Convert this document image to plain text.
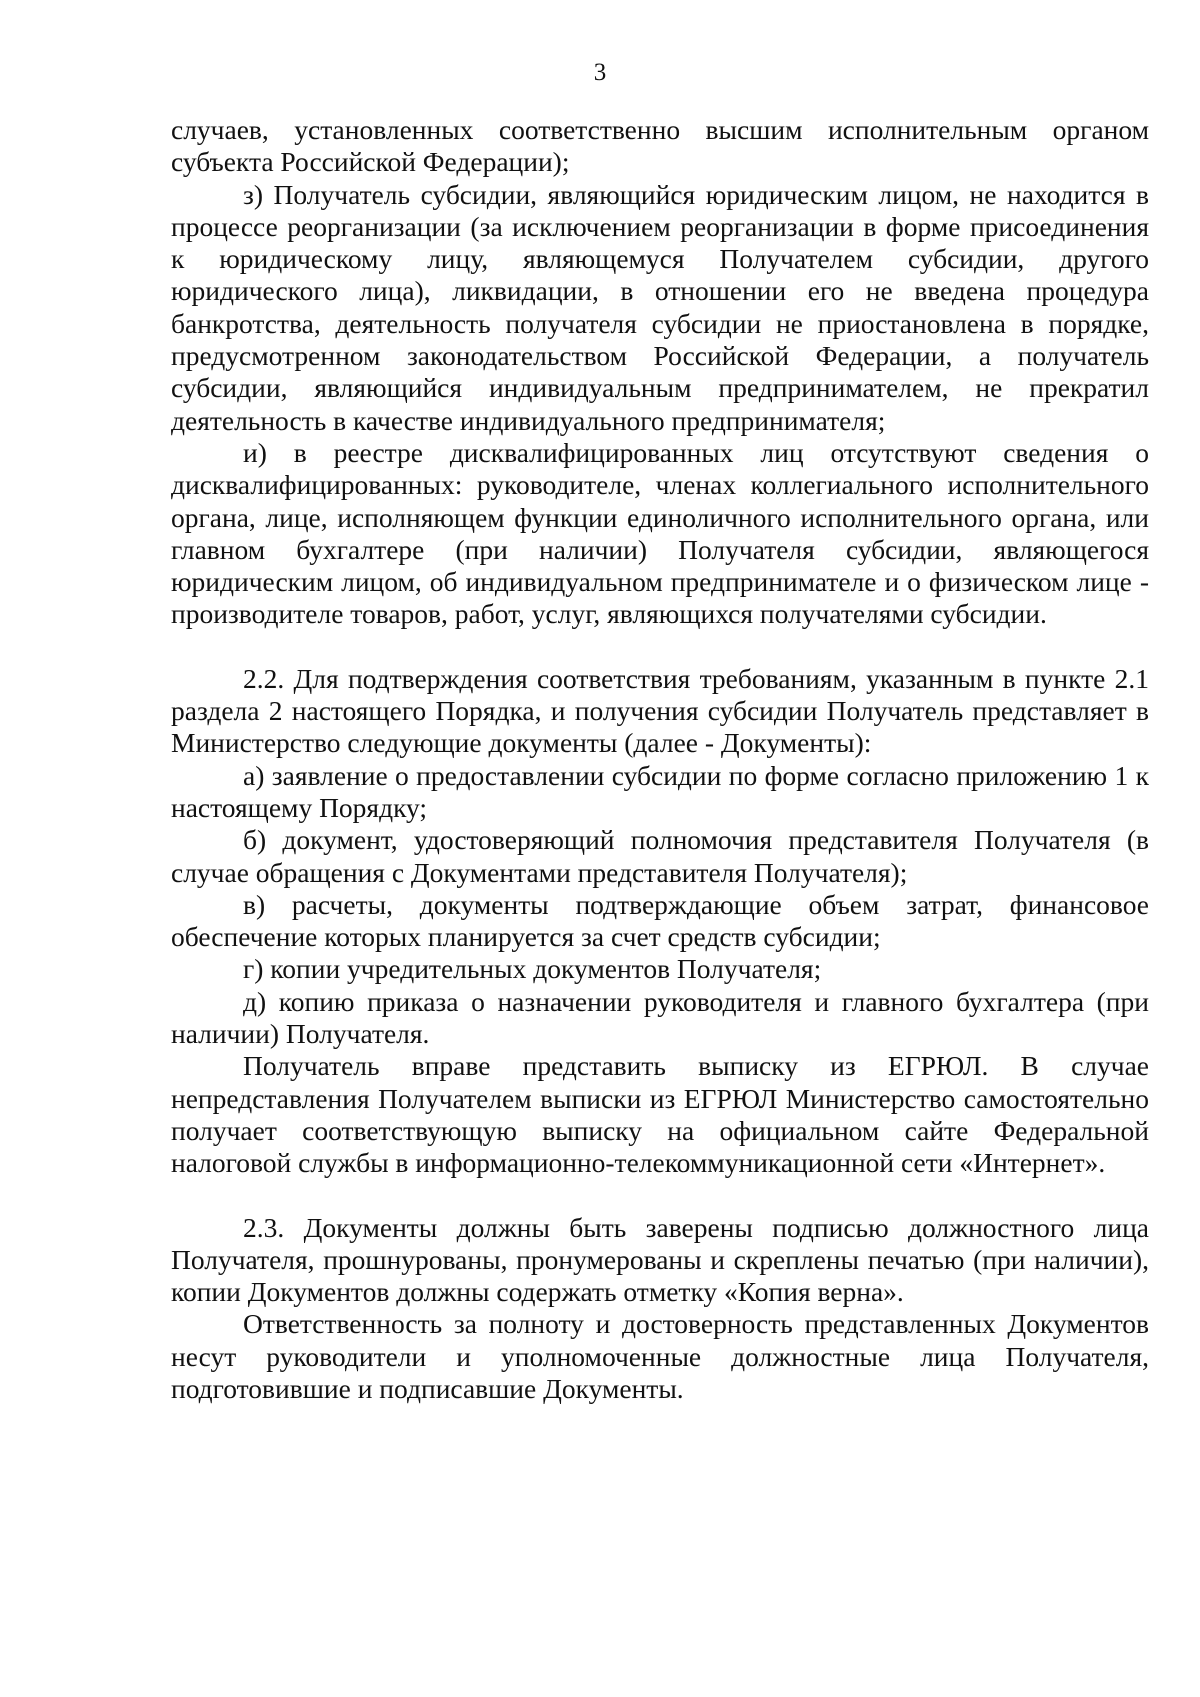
3

случаев, установленных соответственно высшим исполнительным органом субъекта Российской Федерации);

з) Получатель субсидии, являющийся юридическим лицом, не находится в процессе реорганизации (за исключением реорганизации в форме присоединения к юридическому лицу, являющемуся Получателем субсидии, другого юридического лица), ликвидации, в отношении его не введена процедура банкротства, деятельность получателя субсидии не приостановлена в порядке, предусмотренном законодательством Российской Федерации, а получатель субсидии, являющийся индивидуальным предпринимателем, не прекратил деятельность в качестве индивидуального предпринимателя;

и) в реестре дисквалифицированных лиц отсутствуют сведения о дисквалифицированных: руководителе, членах коллегиального исполнительного органа, лице, исполняющем функции единоличного исполнительного органа, или главном бухгалтере (при наличии) Получателя субсидии, являющегося юридическим лицом, об индивидуальном предпринимателе и о физическом лице - производителе товаров, работ, услуг, являющихся получателями субсидии.

2.2. Для подтверждения соответствия требованиям, указанным в пункте 2.1 раздела 2 настоящего Порядка, и получения субсидии Получатель представляет в Министерство следующие документы (далее - Документы):

а) заявление о предоставлении субсидии по форме согласно приложению 1 к настоящему Порядку;

б) документ, удостоверяющий полномочия представителя Получателя (в случае обращения с Документами представителя Получателя);

в) расчеты, документы подтверждающие объем затрат, финансовое обеспечение которых планируется за счет средств субсидии;

г) копии учредительных документов Получателя;

д) копию приказа о назначении руководителя и главного бухгалтера (при наличии) Получателя.

Получатель вправе представить выписку из ЕГРЮЛ. В случае непредставления Получателем выписки из ЕГРЮЛ Министерство самостоятельно получает соответствующую выписку на официальном сайте Федеральной налоговой службы в информационно-телекоммуникационной сети «Интернет».

2.3. Документы должны быть заверены подписью должностного лица Получателя, прошнурованы, пронумерованы и скреплены печатью (при наличии), копии Документов должны содержать отметку «Копия верна».

Ответственность за полноту и достоверность представленных Документов несут руководители и уполномоченные должностные лица Получателя, подготовившие и подписавшие Документы.
